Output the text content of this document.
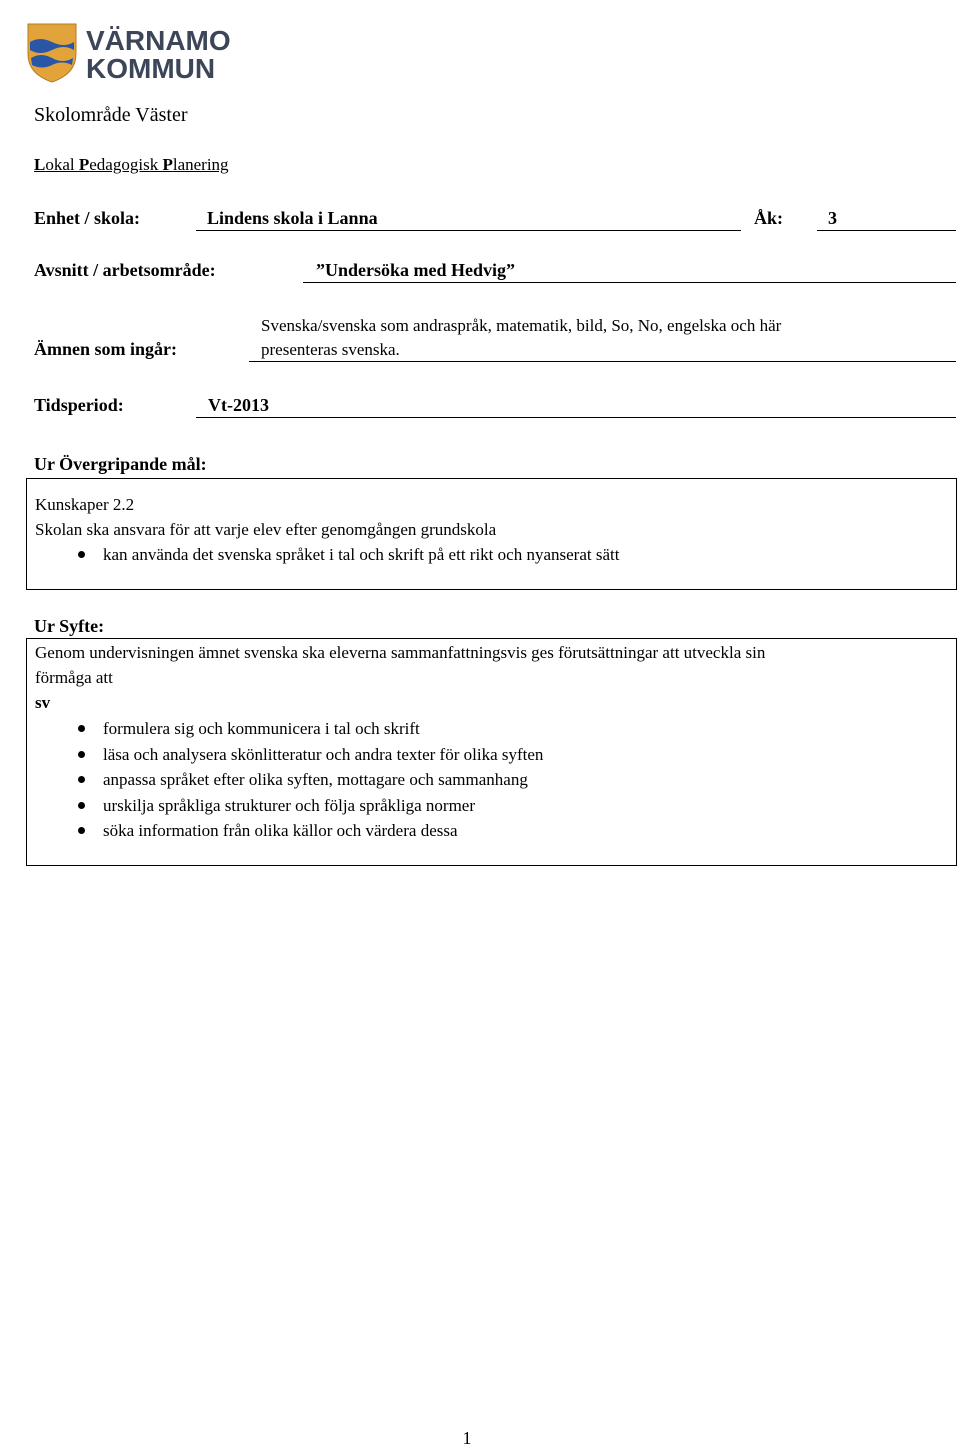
VÄRNAMO
KOMMUN
Skolområde Väster
Lokal Pedagogisk Planering
Enhet / skola:	Lindens skola i Lanna	Åk:	3
Avsnitt / arbetsområde:	”Undersöka med Hedvig”
Ämnen som ingår:
Svenska/svenska som andraspråk, matematik, bild, So, No, engelska och här
presenteras svenska.
Tidsperiod:	Vt-2013
Ur Övergripande mål:
Kunskaper 2.2
Skolan ska ansvara för att varje elev efter genomgången grundskola
kan använda det svenska språket i tal och skrift på ett rikt och nyanserat sätt
Ur Syfte:
Genom undervisningen ämnet svenska ska eleverna sammanfattningsvis ges förutsättningar att utveckla sin
förmåga att
sv
formulera sig och kommunicera i tal och skrift
läsa och analysera skönlitteratur och andra texter för olika syften
anpassa språket efter olika syften, mottagare och sammanhang
urskilja språkliga strukturer och följa språkliga normer
söka information från olika källor och värdera dessa
1
